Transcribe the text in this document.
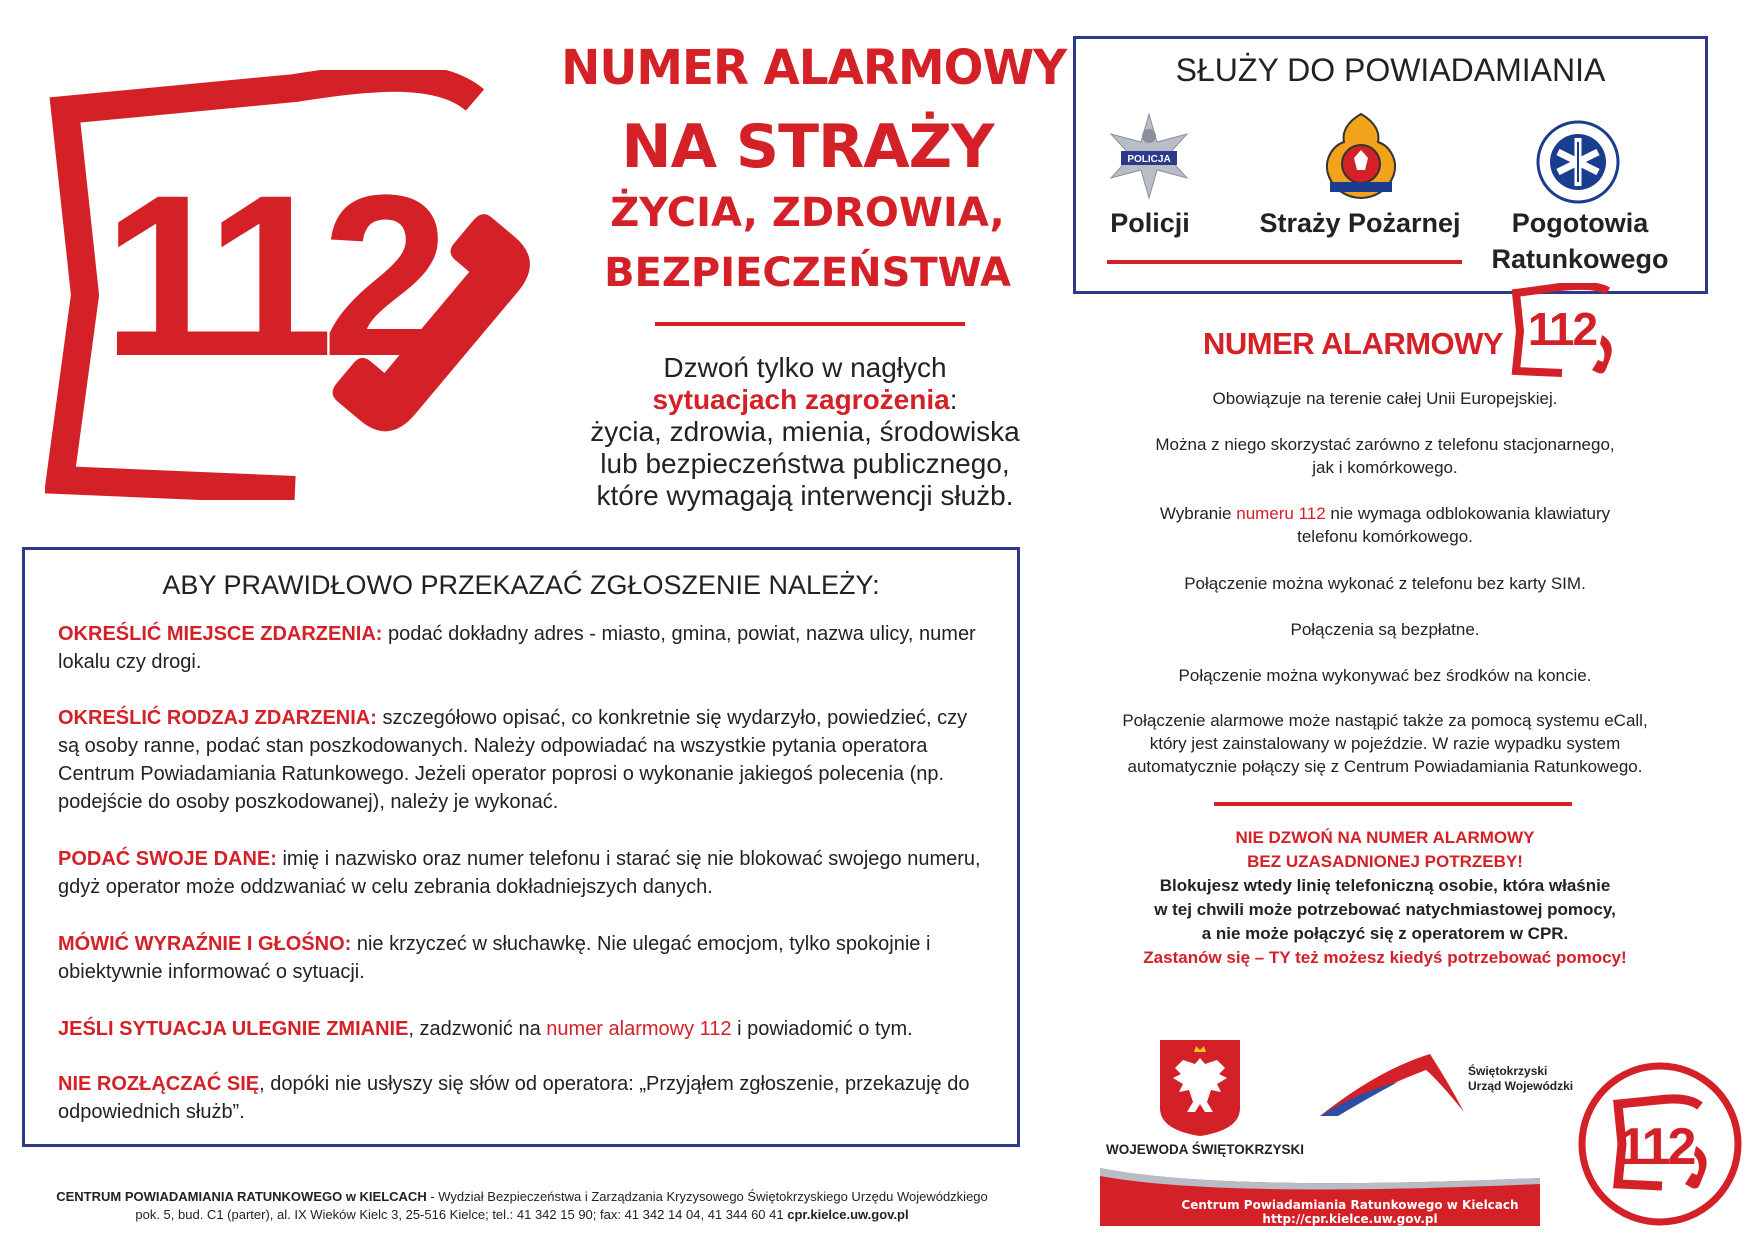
112
NUMER ALARMOWY
NA STRAŻY
ŻYCIA, ZDROWIA,
BEZPIECZEŃSTWA
Dzwoń tylko w nagłych
sytuacjach zagrożenia:
życia, zdrowia, mienia, środowiska
lub bezpieczeństwa publicznego,
które wymagają interwencji służb.
ABY PRAWIDŁOWO PRZEKAZAĆ ZGŁOSZENIE NALEŻY:
OKREŚLIĆ MIEJSCE ZDARZENIA: podać dokładny adres - miasto, gmina, powiat, nazwa ulicy, numer lokalu czy drogi.
OKREŚLIĆ RODZAJ ZDARZENIA: szczegółowo opisać, co konkretnie się wydarzyło, powiedzieć, czy są osoby ranne, podać stan poszkodowanych. Należy odpowiadać na wszystkie pytania operatora Centrum Powiadamiania Ratunkowego. Jeżeli operator poprosi o wykonanie jakiegoś polecenia (np. podejście do osoby poszkodowanej), należy je wykonać.
PODAĆ SWOJE DANE: imię i nazwisko oraz numer telefonu i starać się nie blokować swojego numeru, gdyż operator może oddzwaniać w celu zebrania dokładniejszych danych.
MÓWIĆ WYRAŹNIE I GŁOŚNO: nie krzyczeć w słuchawkę. Nie ulegać emocjom, tylko spokojnie i obiektywnie informować o sytuacji.
JEŚLI SYTUACJA ULEGNIE ZMIANIE, zadzwonić na numer alarmowy 112 i powiadomić o tym.
NIE ROZŁĄCZAĆ SIĘ, dopóki nie usłyszy się słów od operatora: „Przyjąłem zgłoszenie, przekazuję do odpowiednich służb”.
SŁUŻY DO POWIADAMIANIA
POLICJA
Policji	Straży Pożarnej	Pogotowia
Ratunkowego
NUMER ALARMOWY 112
Obowiązuje na terenie całej Unii Europejskiej.
Można z niego skorzystać zarówno z telefonu stacjonarnego,
jak i komórkowego.
Wybranie numeru 112 nie wymaga odblokowania klawiatury
telefonu komórkowego.
Połączenie można wykonać z telefonu bez karty SIM.
Połączenia są bezpłatne.
Połączenie można wykonywać bez środków na koncie.
Połączenie alarmowe może nastąpić także za pomocą systemu eCall,
który jest zainstalowany w pojeździe. W razie wypadku system
automatycznie połączy się z Centrum Powiadamiania Ratunkowego.
NIE DZWOŃ NA NUMER ALARMOWY
BEZ UZASADNIONEJ POTRZEBY!
Blokujesz wtedy linię telefoniczną osobie, która właśnie
w tej chwili może potrzebować natychmiastowej pomocy,
a nie może połączyć się z operatorem w CPR.
Zastanów się – TY też możesz kiedyś potrzebować pomocy!
CENTRUM POWIADAMIANIA RATUNKOWEGO w KIELCACH - Wydział Bezpieczeństwa i Zarządzania Kryzysowego Świętokrzyskiego Urzędu Wojewódzkiego
pok. 5, bud. C1 (parter), al. IX Wieków Kielc 3, 25-516 Kielce; tel.: 41 342 15 90; fax: 41 342 14 04, 41 344 60 41 cpr.kielce.uw.gov.pl
WOJEWODA ŚWIĘTOKRZYSKI
Świętokrzyski
Urząd Wojewódzki
Centrum Powiadamiania Ratunkowego w Kielcach http://cpr.kielce.uw.gov.pl
112
